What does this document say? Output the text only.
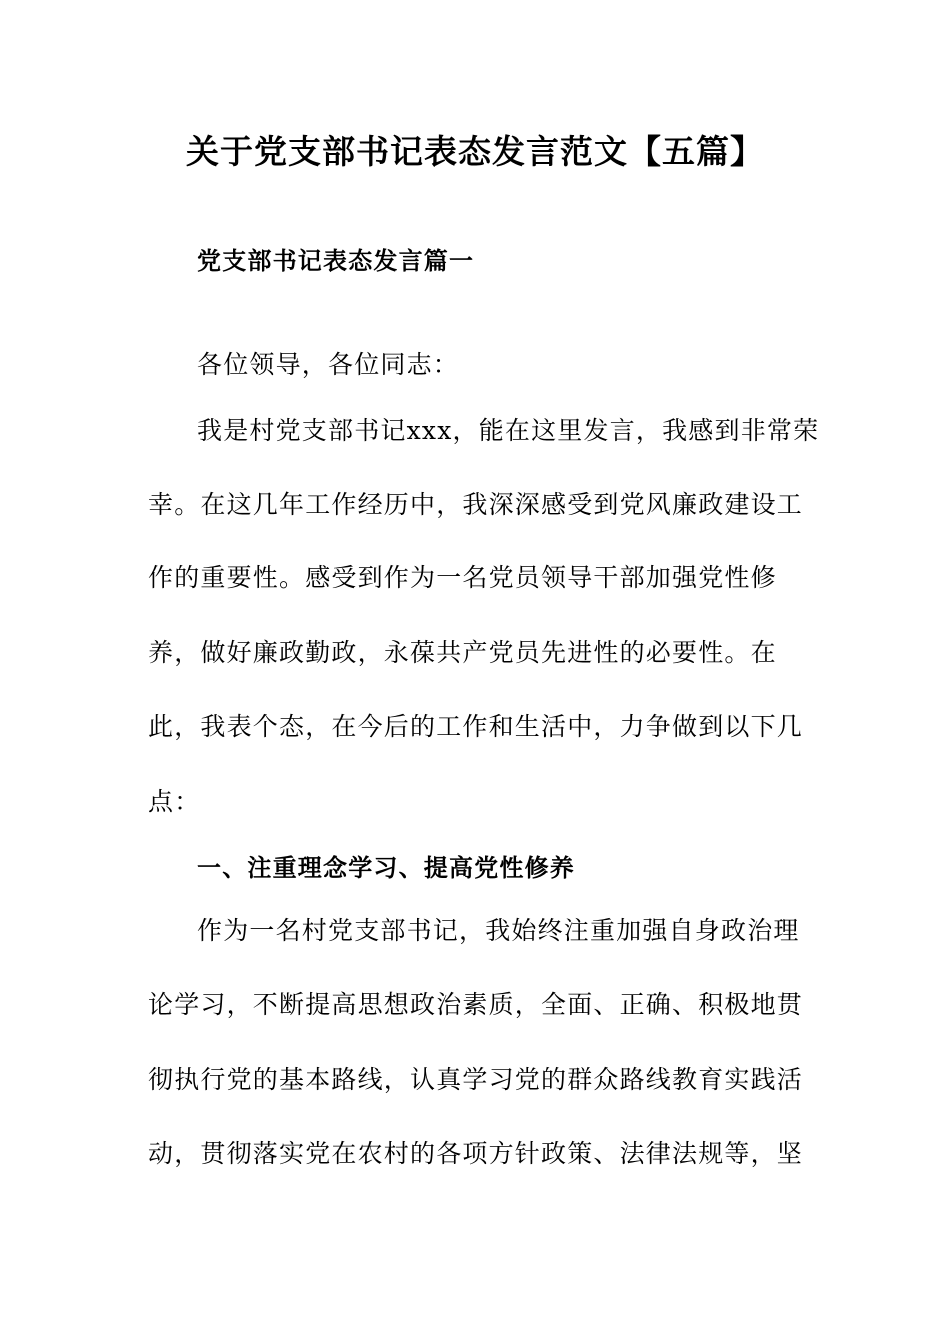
关于党支部书记表态发言范文【五篇】
党支部书记表态发言篇一
各位领导，各位同志：
我是村党支部书记xxx，能在这里发言，我感到非常荣
幸。在这几年工作经历中，我深深感受到党风廉政建设工
作的重要性。感受到作为一名党员领导干部加强党性修
养，做好廉政勤政，永葆共产党员先进性的必要性。在
此，我表个态，在今后的工作和生活中，力争做到以下几
点：
一、注重理念学习、提高党性修养
作为一名村党支部书记，我始终注重加强自身政治理
论学习，不断提高思想政治素质，全面、正确、积极地贯
彻执行党的基本路线，认真学习党的群众路线教育实践活
动，贯彻落实党在农村的各项方针政策、法律法规等，坚
